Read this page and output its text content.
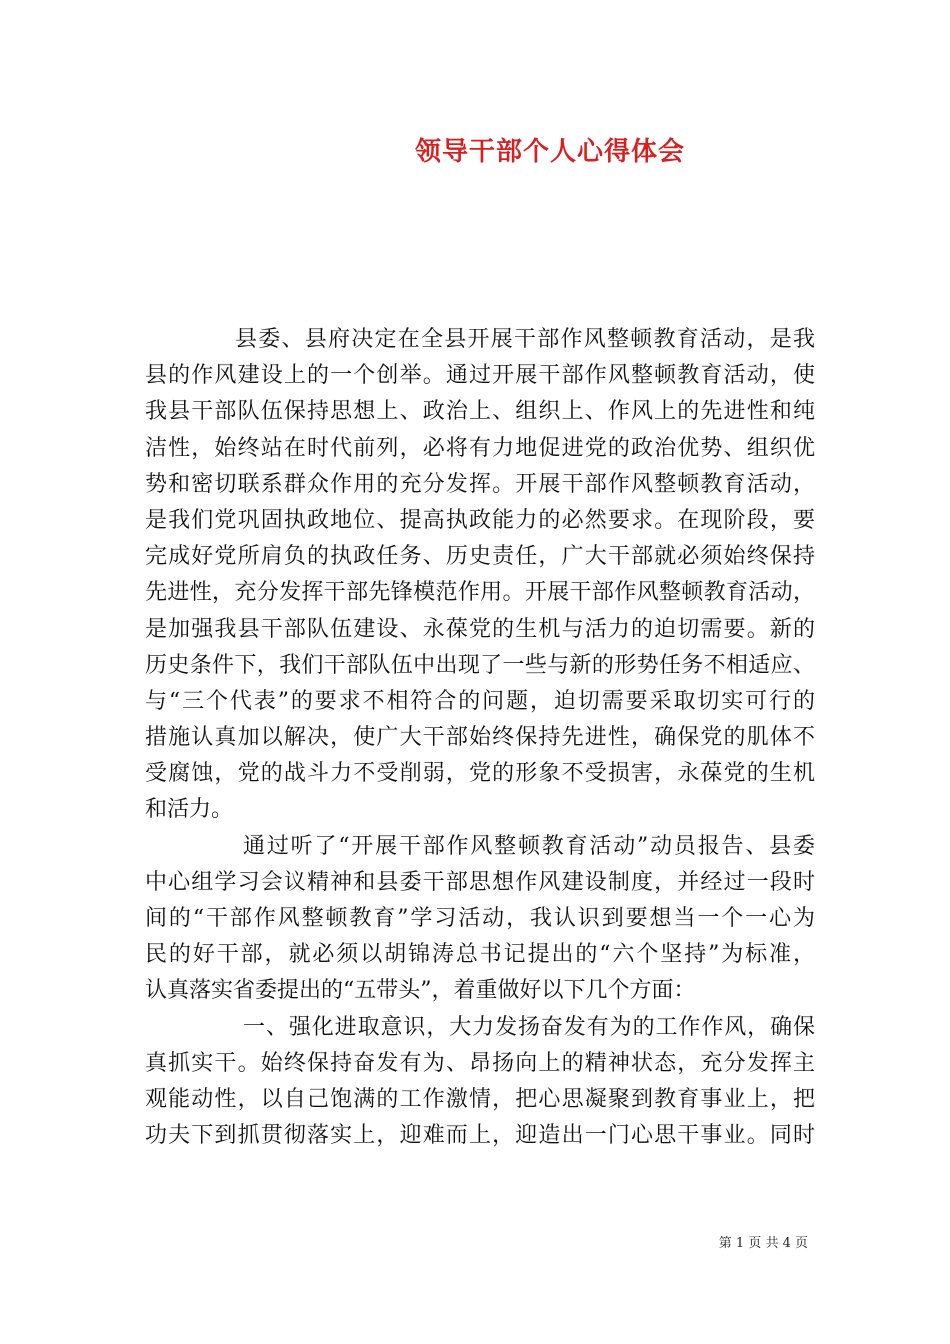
领导干部个人心得体会
县委、县府决定在全县开展干部作风整顿教育活动，是我
县的作风建设上的一个创举。通过开展干部作风整顿教育活动，使
我县干部队伍保持思想上、政治上、组织上、作风上的先进性和纯
洁性，始终站在时代前列，必将有力地促进党的政治优势、组织优
势和密切联系群众作用的充分发挥。开展干部作风整顿教育活动，
是我们党巩固执政地位、提高执政能力的必然要求。在现阶段，要
完成好党所肩负的执政任务、历史责任，广大干部就必须始终保持
先进性，充分发挥干部先锋模范作用。开展干部作风整顿教育活动，
是加强我县干部队伍建设、永葆党的生机与活力的迫切需要。新的
历史条件下，我们干部队伍中出现了一些与新的形势任务不相适应、
与“三个代表”的要求不相符合的问题，迫切需要采取切实可行的
措施认真加以解决，使广大干部始终保持先进性，确保党的肌体不
受腐蚀，党的战斗力不受削弱，党的形象不受损害，永葆党的生机
和活力。
通过听了“开展干部作风整顿教育活动”动员报告、县委
中心组学习会议精神和县委干部思想作风建设制度，并经过一段时
间的“干部作风整顿教育”学习活动，我认识到要想当一个一心为
民的好干部，就必须以胡锦涛总书记提出的“六个坚持”为标准，
认真落实省委提出的“五带头”，着重做好以下几个方面：
一、强化进取意识，大力发扬奋发有为的工作作风，确保
真抓实干。始终保持奋发有为、昂扬向上的精神状态，充分发挥主
观能动性，以自己饱满的工作激情，把心思凝聚到教育事业上，把
功夫下到抓贯彻落实上，迎难而上，迎造出一门心思干事业。同时
第 1 页 共 4 页
